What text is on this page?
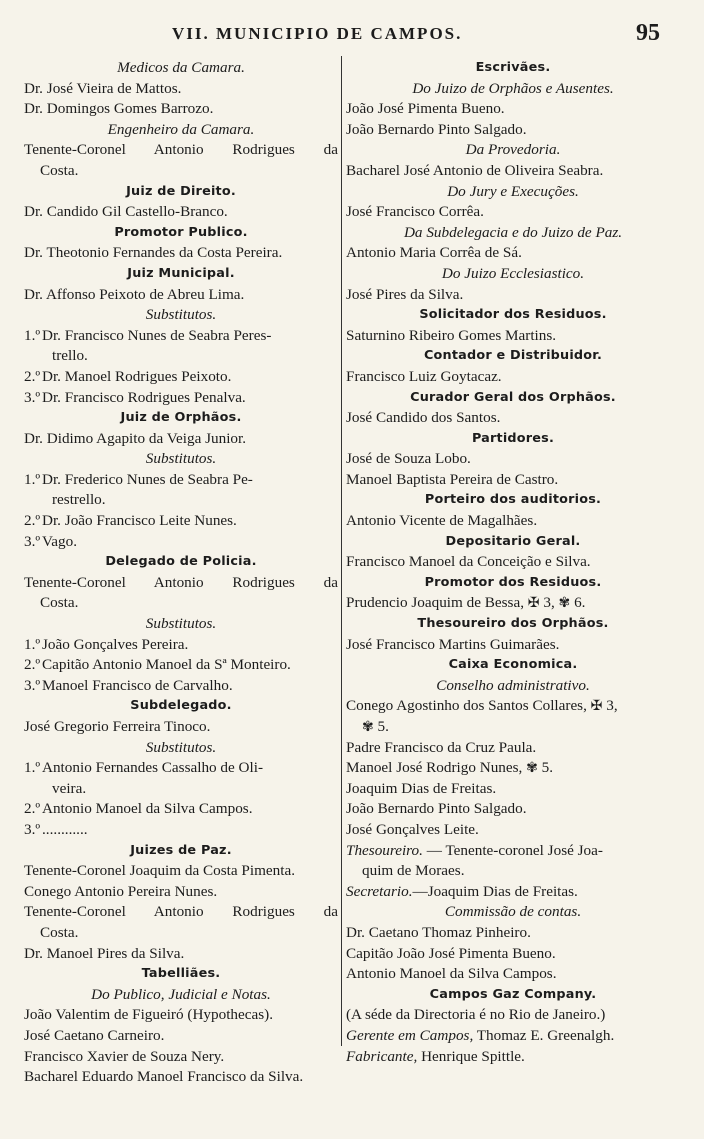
VII. MUNICIPIO DE CAMPOS.	95
Medicos da Camara.
Dr. José Vieira de Mattos.
Dr. Domingos Gomes Barrozo.
Engenheiro da Camara.
Tenente-Coronel Antonio Rodrigues da
Costa.
Juiz de Direito.
Dr. Candido Gil Castello-Branco.
Promotor Publico.
Dr. Theotonio Fernandes da Costa Pereira.
Juiz Municipal.
Dr. Affonso Peixoto de Abreu Lima.
Substitutos.
1.º Dr. Francisco Nunes de Seabra Peres-
trello.
2.º Dr. Manoel Rodrigues Peixoto.
3.º Dr. Francisco Rodrigues Penalva.
Juiz de Orphãos.
Dr. Didimo Agapito da Veiga Junior.
Substitutos.
1.º Dr. Frederico Nunes de Seabra Pe-
restrello.
2.º Dr. João Francisco Leite Nunes.
3.º Vago.
Delegado de Policia.
Tenente-Coronel Antonio Rodrigues da
Costa.
Substitutos.
1.º João Gonçalves Pereira.
2.º Capitão Antonio Manoel da Sª Monteiro.
3.º Manoel Francisco de Carvalho.
Subdelegado.
José Gregorio Ferreira Tinoco.
Substitutos.
1.º Antonio Fernandes Cassalho de Oli-
veira.
2.º Antonio Manoel da Silva Campos.
3.º ............
Juizes de Paz.
Tenente-Coronel Joaquim da Costa Pimenta.
Conego Antonio Pereira Nunes.
Tenente-Coronel Antonio Rodrigues da
Costa.
Dr. Manoel Pires da Silva.
Tabelliães.
Do Publico, Judicial e Notas.
João Valentim de Figueiró (Hypothecas).
José Caetano Carneiro.
Francisco Xavier de Souza Nery.
Bacharel Eduardo Manoel Francisco da Silva.
Escrivães.
Do Juizo de Orphãos e Ausentes.
João José Pimenta Bueno.
João Bernardo Pinto Salgado.
Da Provedoria.
Bacharel José Antonio de Oliveira Seabra.
Do Jury e Execuções.
José Francisco Corrêa.
Da Subdelegacia e do Juizo de Paz.
Antonio Maria Corrêa de Sá.
Do Juizo Ecclesiastico.
José Pires da Silva.
Solicitador dos Residuos.
Saturnino Ribeiro Gomes Martins.
Contador e Distribuidor.
Francisco Luiz Goytacaz.
Curador Geral dos Orphãos.
José Candido dos Santos.
Partidores.
José de Souza Lobo.
Manoel Baptista Pereira de Castro.
Porteiro dos auditorios.
Antonio Vicente de Magalhães.
Depositario Geral.
Francisco Manoel da Conceição e Silva.
Promotor dos Residuos.
Prudencio Joaquim de Bessa, ✠ 3, ✾ 6.
Thesoureiro dos Orphãos.
José Francisco Martins Guimarães.
Caixa Economica.
Conselho administrativo.
Conego Agostinho dos Santos Collares, ✠ 3,
✾ 5.
Padre Francisco da Cruz Paula.
Manoel José Rodrigo Nunes, ✾ 5.
Joaquim Dias de Freitas.
João Bernardo Pinto Salgado.
José Gonçalves Leite.
Thesoureiro. — Tenente-coronel José Joa-
quim de Moraes.
Secretario.—Joaquim Dias de Freitas.
Commissão de contas.
Dr. Caetano Thomaz Pinheiro.
Capitão João José Pimenta Bueno.
Antonio Manoel da Silva Campos.
Campos Gaz Company.
(A séde da Directoria é no Rio de Janeiro.)
Gerente em Campos, Thomaz E. Greenalgh.
Fabricante, Henrique Spittle.
